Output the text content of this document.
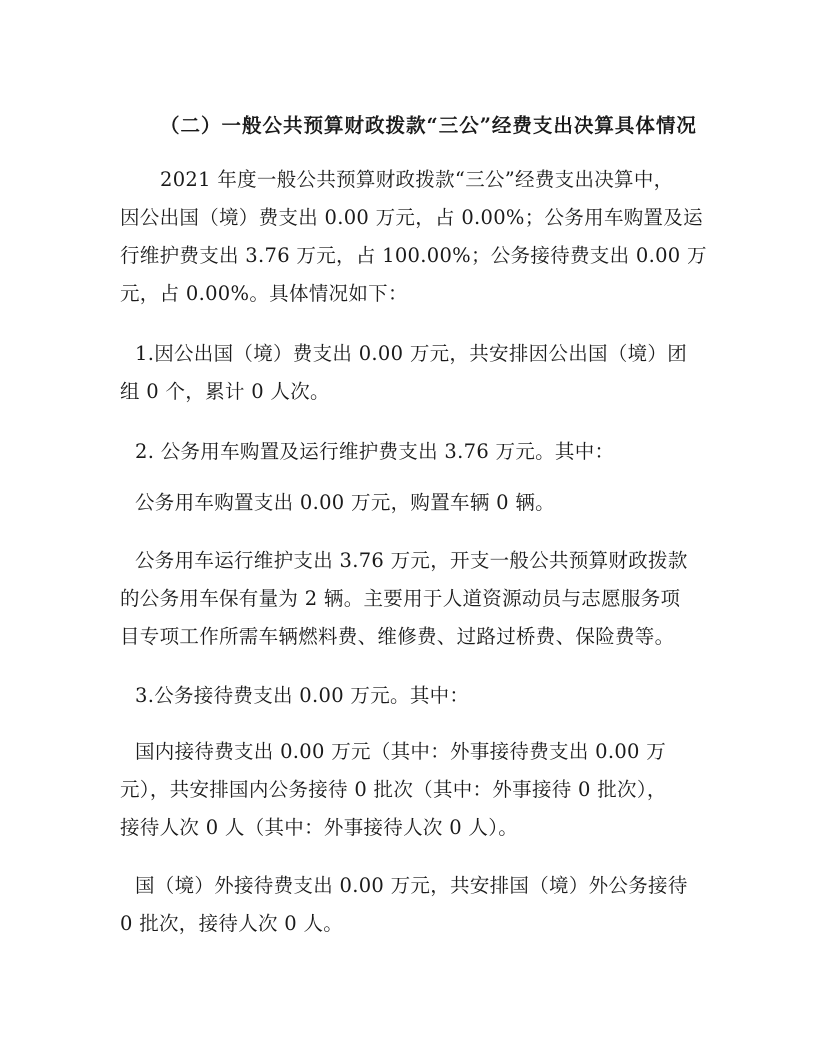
（二）一般公共预算财政拨款“三公”经费支出决算具体情况
2021 年度一般公共预算财政拨款“三公”经费支出决算中，
因公出国（境）费支出 0.00 万元，占 0.00%；公务用车购置及运
行维护费支出 3.76 万元，占 100.00%；公务接待费支出 0.00 万
元，占 0.00%。具体情况如下：
1.因公出国（境）费支出 0.00 万元，共安排因公出国（境）团
组 0 个，累计 0 人次。
2. 公务用车购置及运行维护费支出 3.76 万元。其中：
公务用车购置支出 0.00 万元，购置车辆 0 辆。
公务用车运行维护支出 3.76 万元，开支一般公共预算财政拨款
的公务用车保有量为 2 辆。主要用于人道资源动员与志愿服务项
目专项工作所需车辆燃料费、维修费、过路过桥费、保险费等。
3.公务接待费支出 0.00 万元。其中：
国内接待费支出 0.00 万元（其中：外事接待费支出 0.00 万
元），共安排国内公务接待 0 批次（其中：外事接待 0 批次），
接待人次 0 人（其中：外事接待人次 0 人）。
国（境）外接待费支出 0.00 万元，共安排国（境）外公务接待
0 批次，接待人次 0 人。
